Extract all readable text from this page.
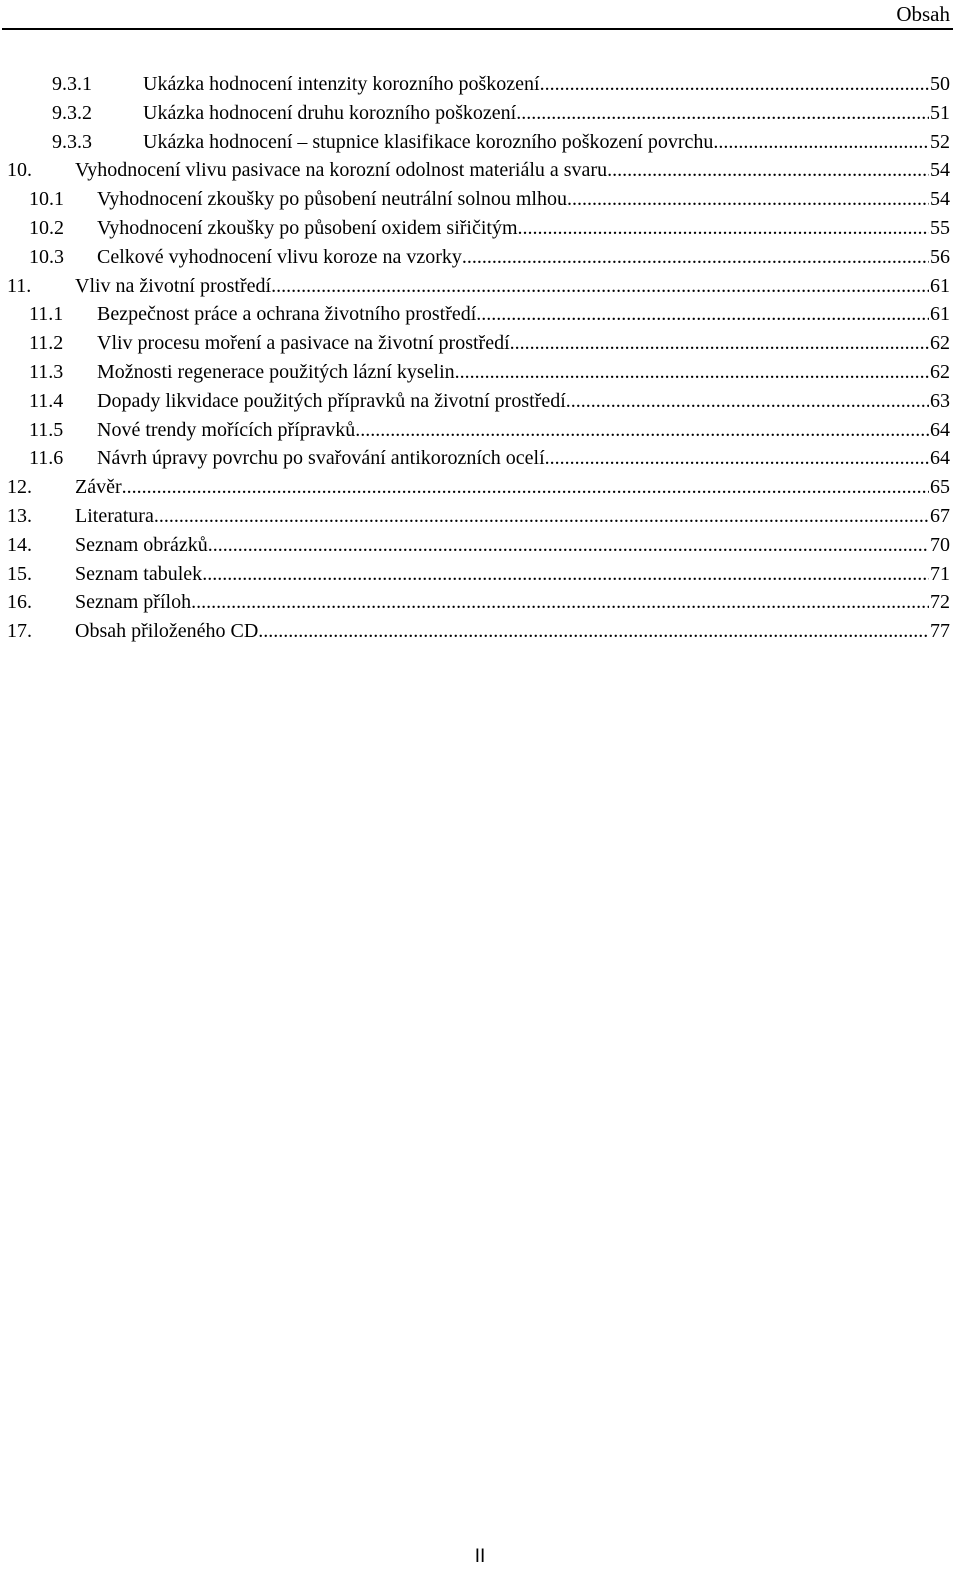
Obsah
9.3.1	Ukázka hodnocení intenzity korozního poškození .....	50
9.3.2	Ukázka hodnocení druhu korozního poškození .....	51
9.3.3	Ukázka hodnocení – stupnice klasifikace korozního poškození povrchu .....	52
10. Vyhodnocení vlivu pasivace na korozní odolnost materiálu a svaru .....	54
10.1 Vyhodnocení zkoušky po působení neutrální solnou mlhou .....	54
10.2 Vyhodnocení zkoušky po působení oxidem siřičitým .....	55
10.3 Celkové vyhodnocení vlivu koroze na vzorky .....	56
11. Vliv na životní prostředí .....	61
11.1 Bezpečnost práce a ochrana životního prostředí .....	61
11.2 Vliv procesu moření a pasivace na životní prostředí .....	62
11.3 Možnosti regenerace použitých lázní kyselin .....	62
11.4 Dopady likvidace použitých přípravků na životní prostředí .....	63
11.5 Nové trendy mořících přípravků .....	64
11.6 Návrh úpravy povrchu po svařování antikorozních ocelí .....	64
12. Závěr .....	65
13. Literatura .....	67
14. Seznam obrázků .....	70
15. Seznam tabulek .....	71
16. Seznam příloh .....	72
17. Obsah přiloženého CD .....	77
II
